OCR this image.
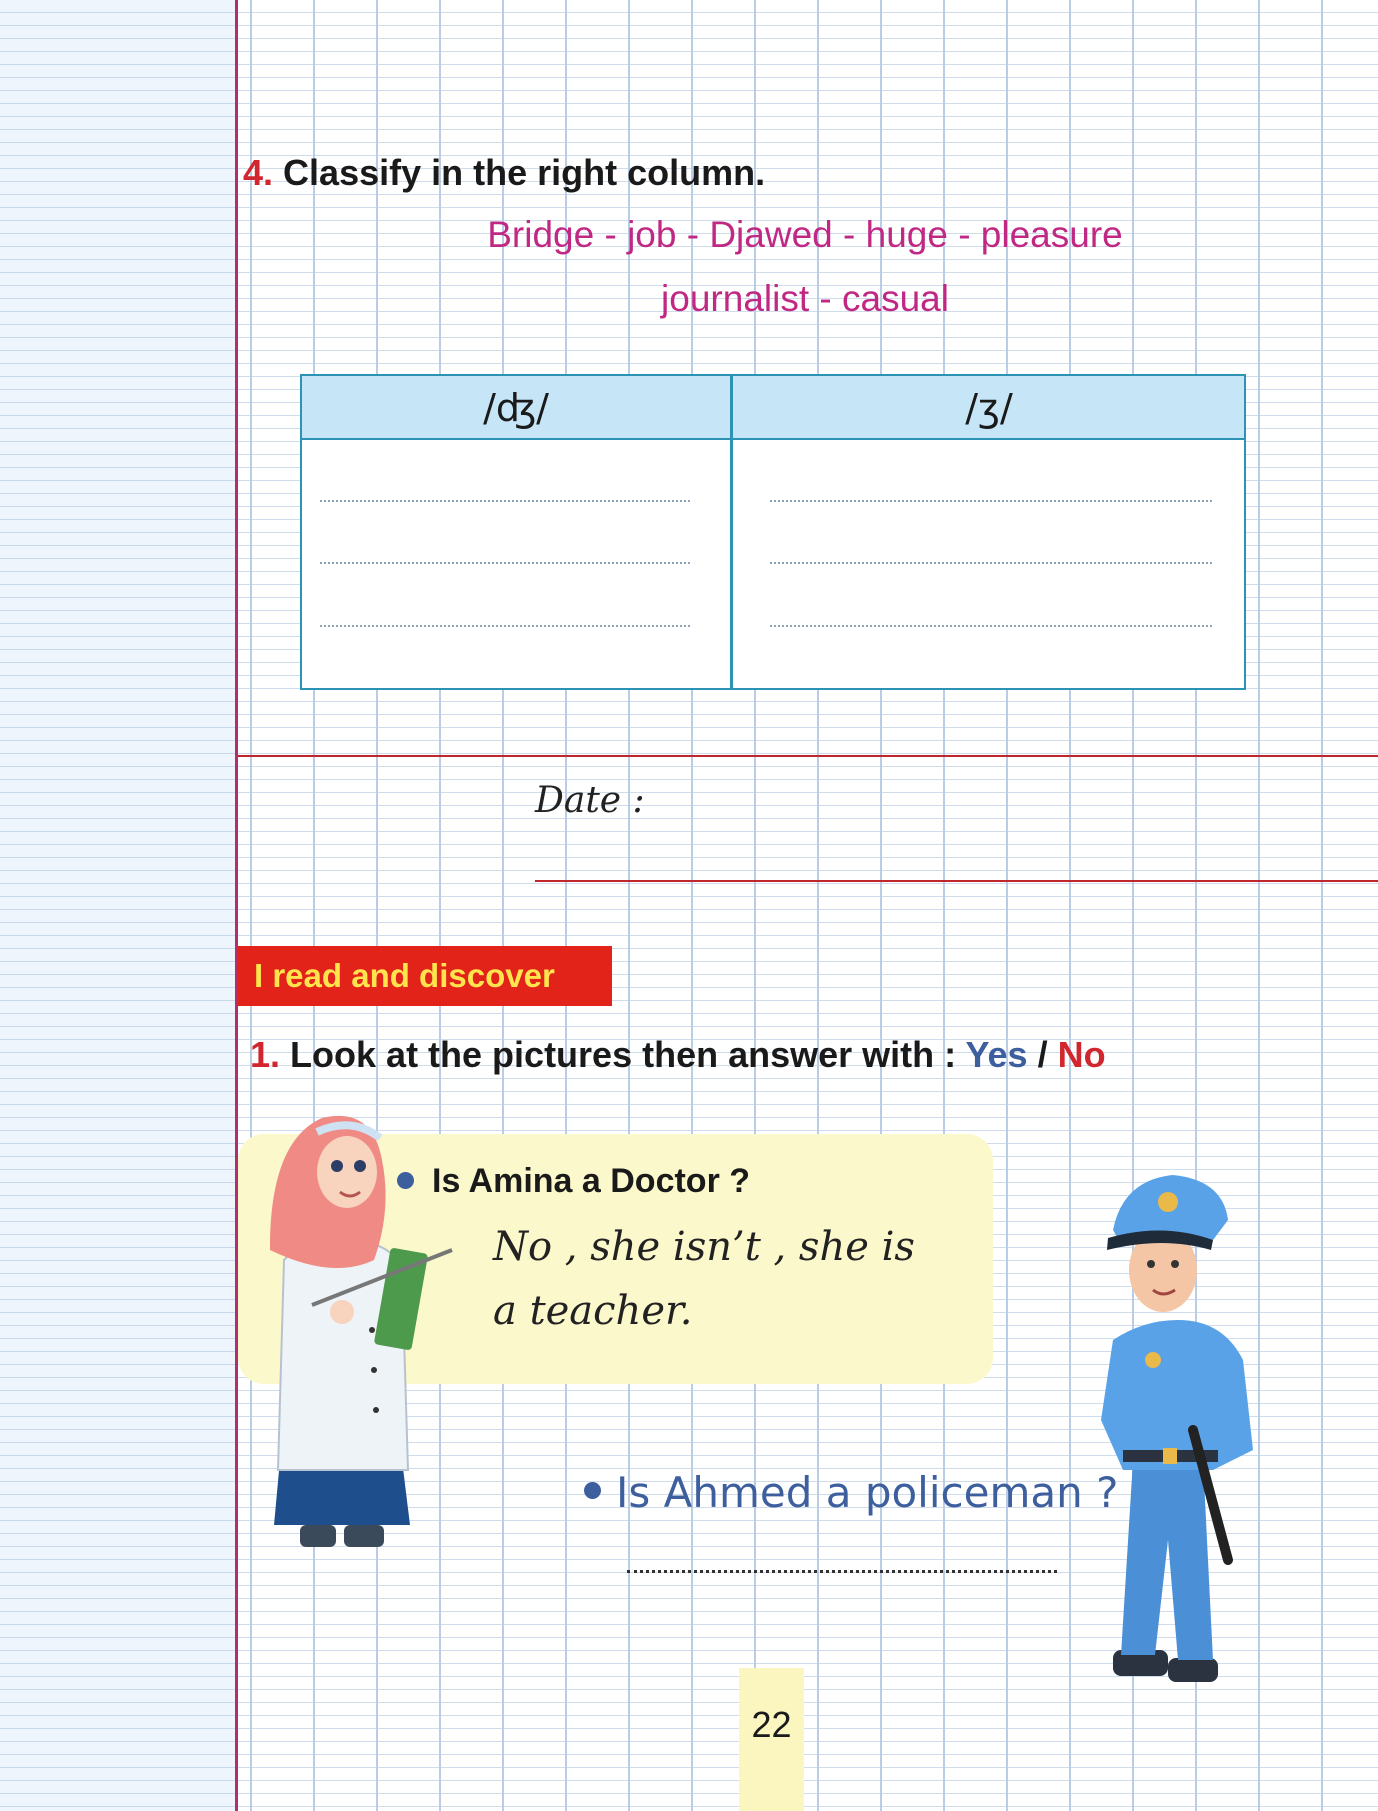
4. Classify in the right column.
Bridge - job - Djawed - huge - pleasure
journalist - casual
/ʤ/	/ʒ/
Date :
I read and discover
1. Look at the pictures then answer with : Yes / No
Is Amina a Doctor ?
No , she isn’t , she is
a teacher.
Is Ahmed a policeman ?
22
